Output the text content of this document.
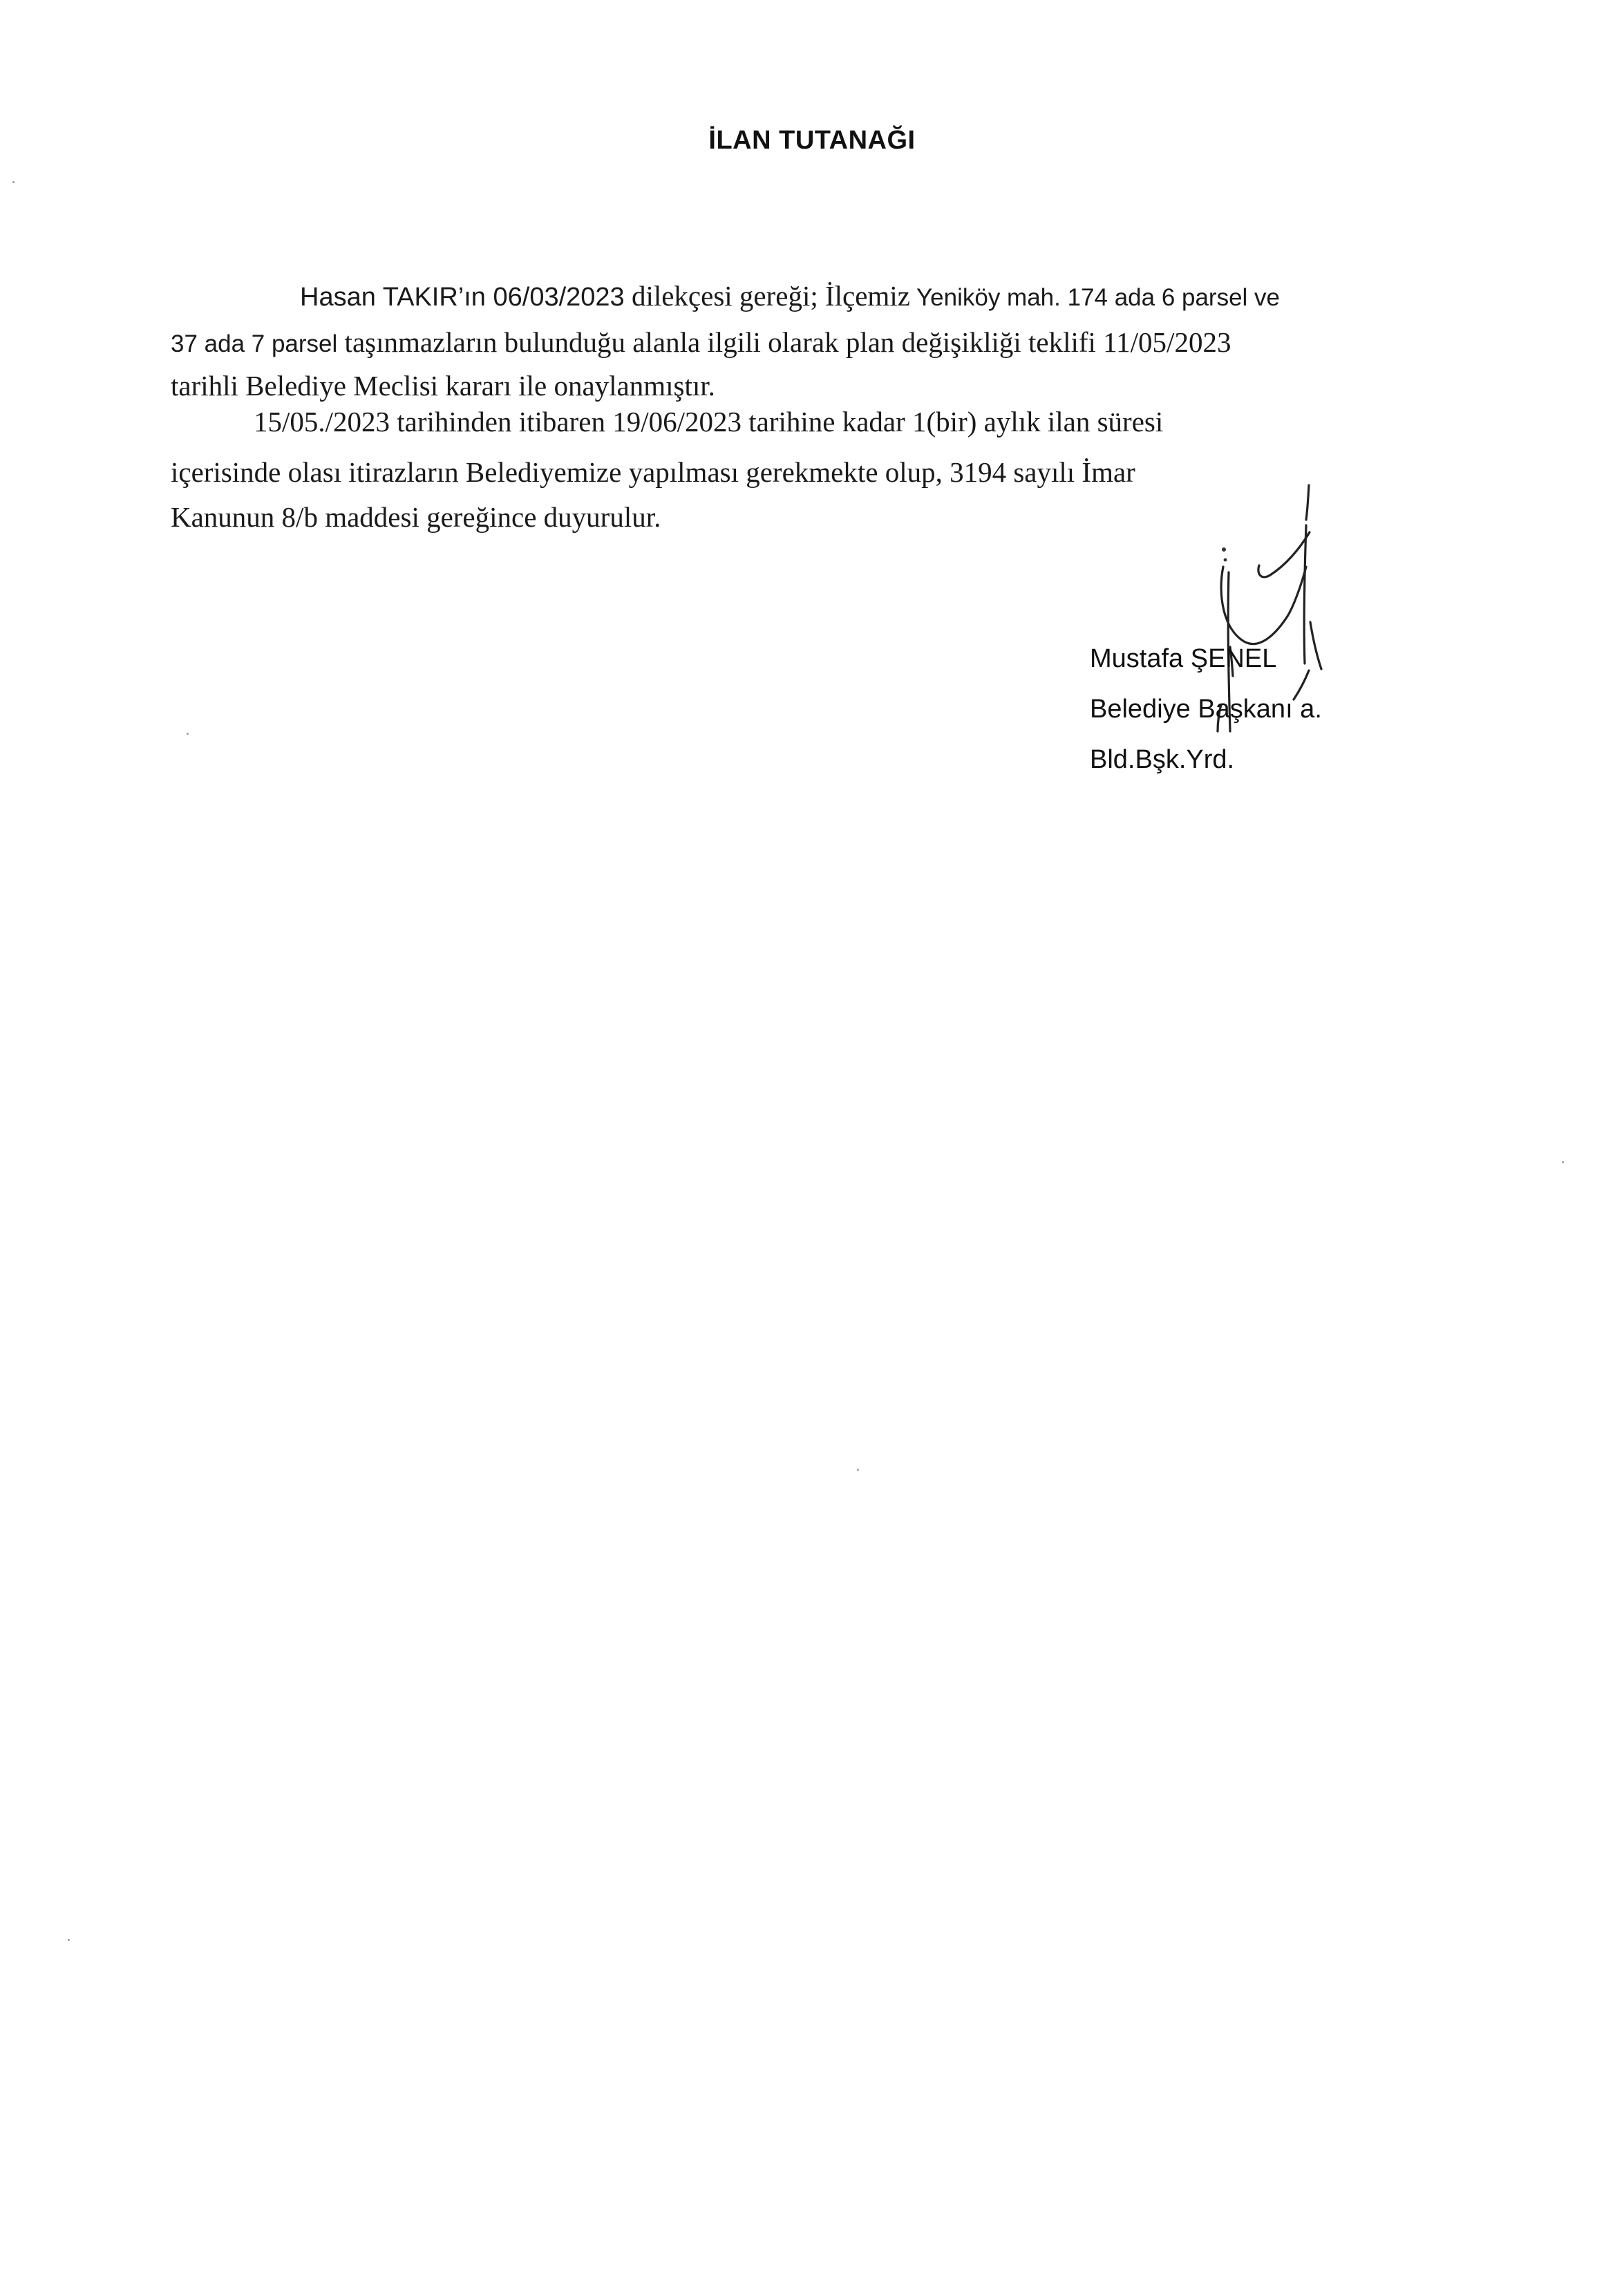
İLAN TUTANAĞI
Hasan TAKIR’ın 06/03/2023 dilekçesi gereği; İlçemiz Yeniköy mah. 174 ada 6 parsel ve
37 ada 7 parsel taşınmazların bulunduğu alanla ilgili olarak plan değişikliği teklifi 11/05/2023
tarihli Belediye Meclisi kararı ile onaylanmıştır.
15/05./2023 tarihinden itibaren 19/06/2023 tarihine kadar 1(bir) aylık ilan süresi
içerisinde olası itirazların Belediyemize yapılması gerekmekte olup, 3194 sayılı İmar
Kanunun 8/b maddesi gereğince duyurulur.
Mustafa ŞENEL
Belediye Başkanı a.
Bld.Bşk.Yrd.
